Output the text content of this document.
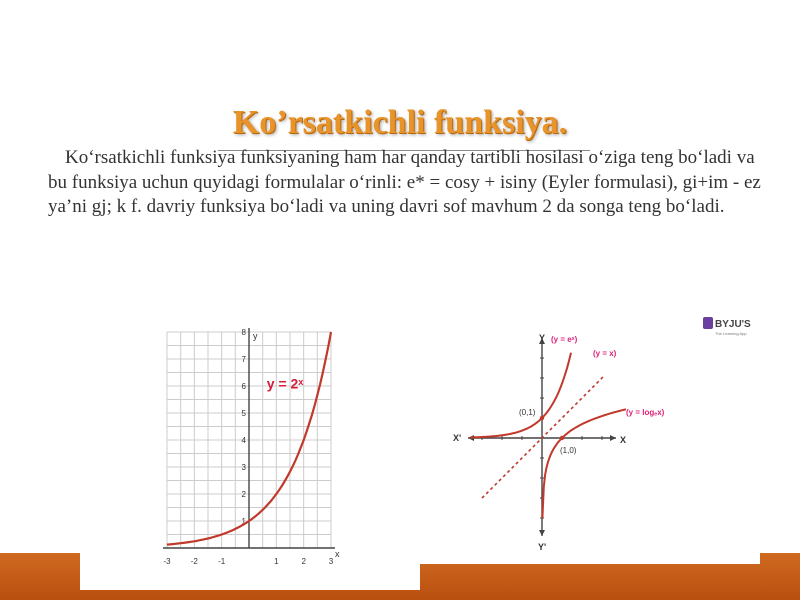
Ko’rsatkichli funksiya.
Ko‘rsatkichli funksiya funksiyaning ham har qanday tartibli hosilasi o‘ziga teng bo‘ladi va bu funksiya uchun quyidagi formulalar o‘rinli: e* = cosy + isiny (Eyler formulasi), gi+im - ez ya’ni gj; k f. davriy funksiya bo‘ladi va uning davri sof mavhum 2 da songa teng bo‘ladi.
-3	-2	-1	1	2	3
1
2
3
4
5
6
7
8 y
x
y = 2ˣ
BYJU'S
The Learning App
(y = eˣ)
(y = x)
(y = logₑx)
(0,1)
(1,0)
Y
Y'
X
X'
